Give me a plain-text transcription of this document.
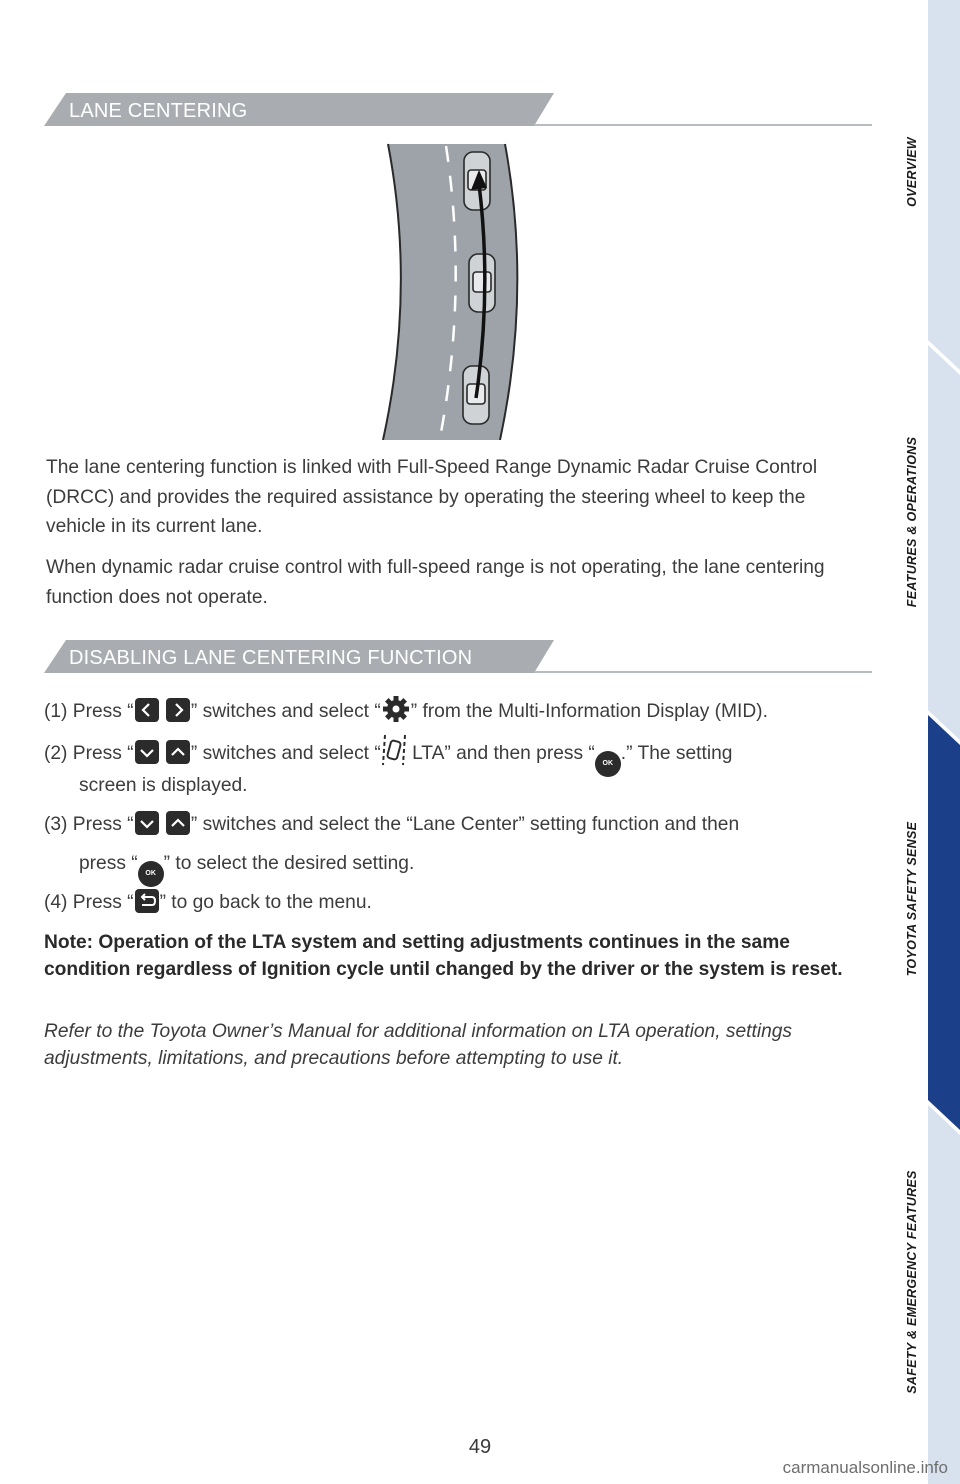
OVERVIEW
FEATURES & OPERATIONS
TOYOTA SAFETY SENSE
SAFETY & EMERGENCY FEATURES
LANE CENTERING

The lane centering function is linked with Full-Speed Range Dynamic Radar Cruise Control (DRCC) and provides the required assistance by operating the steering wheel to keep the vehicle in its current lane.

When dynamic radar cruise control with full-speed range is not operating, the lane centering function does not operate.

DISABLING LANE CENTERING FUNCTION
(1) Press “
	” switches and select “ ” from the Multi-Information Display (MID).
(2) Press “
	” switches and select “ LTA” and then press “ OK .” The setting
screen is displayed.
(3) Press “
	” switches and select the “Lane Center” setting function and then
press “ OK ” to select the desired setting.
(4) Press “ ” to go back to the menu.

Note: Operation of the LTA system and setting adjustments continues in the same condition regardless of Ignition cycle until changed by the driver or the system is reset.

Refer to the Toyota Owner’s Manual for additional information on LTA operation, settings adjustments, limitations, and precautions before attempting to use it.

49
carmanualsonline.info
